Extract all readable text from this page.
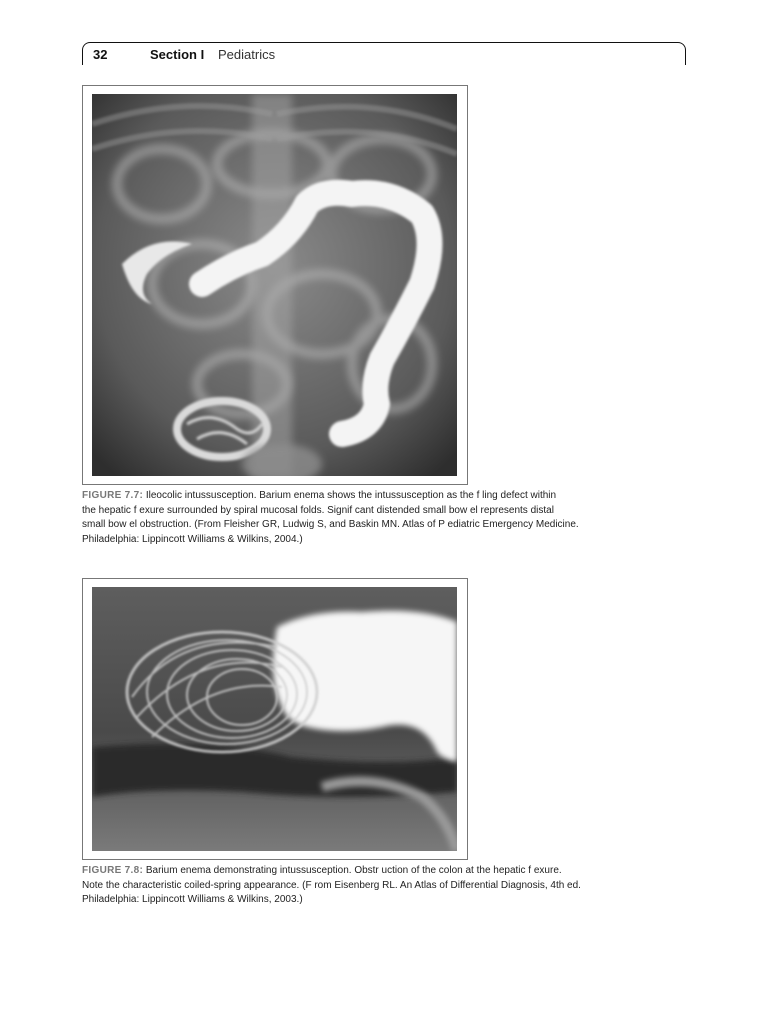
32	Section I Pediatrics
FIGURE 7.7: Ileocolic intussusception. Barium enema shows the intussusception as the f ling defect within
the hepatic f exure surrounded by spiral mucosal folds. Signif cant distended small bow el represents distal
small bow el obstruction. (From Fleisher GR, Ludwig S, and Baskin MN. Atlas of P ediatric Emergency Medicine.
Philadelphia: Lippincott Williams & Wilkins, 2004.)
FIGURE 7.8: Barium enema demonstrating intussusception. Obstr uction of the colon at the hepatic f exure.
Note the characteristic coiled-spring appearance. (F rom Eisenberg RL. An Atlas of Differential Diagnosis, 4th ed.
Philadelphia: Lippincott Williams & Wilkins, 2003.)
